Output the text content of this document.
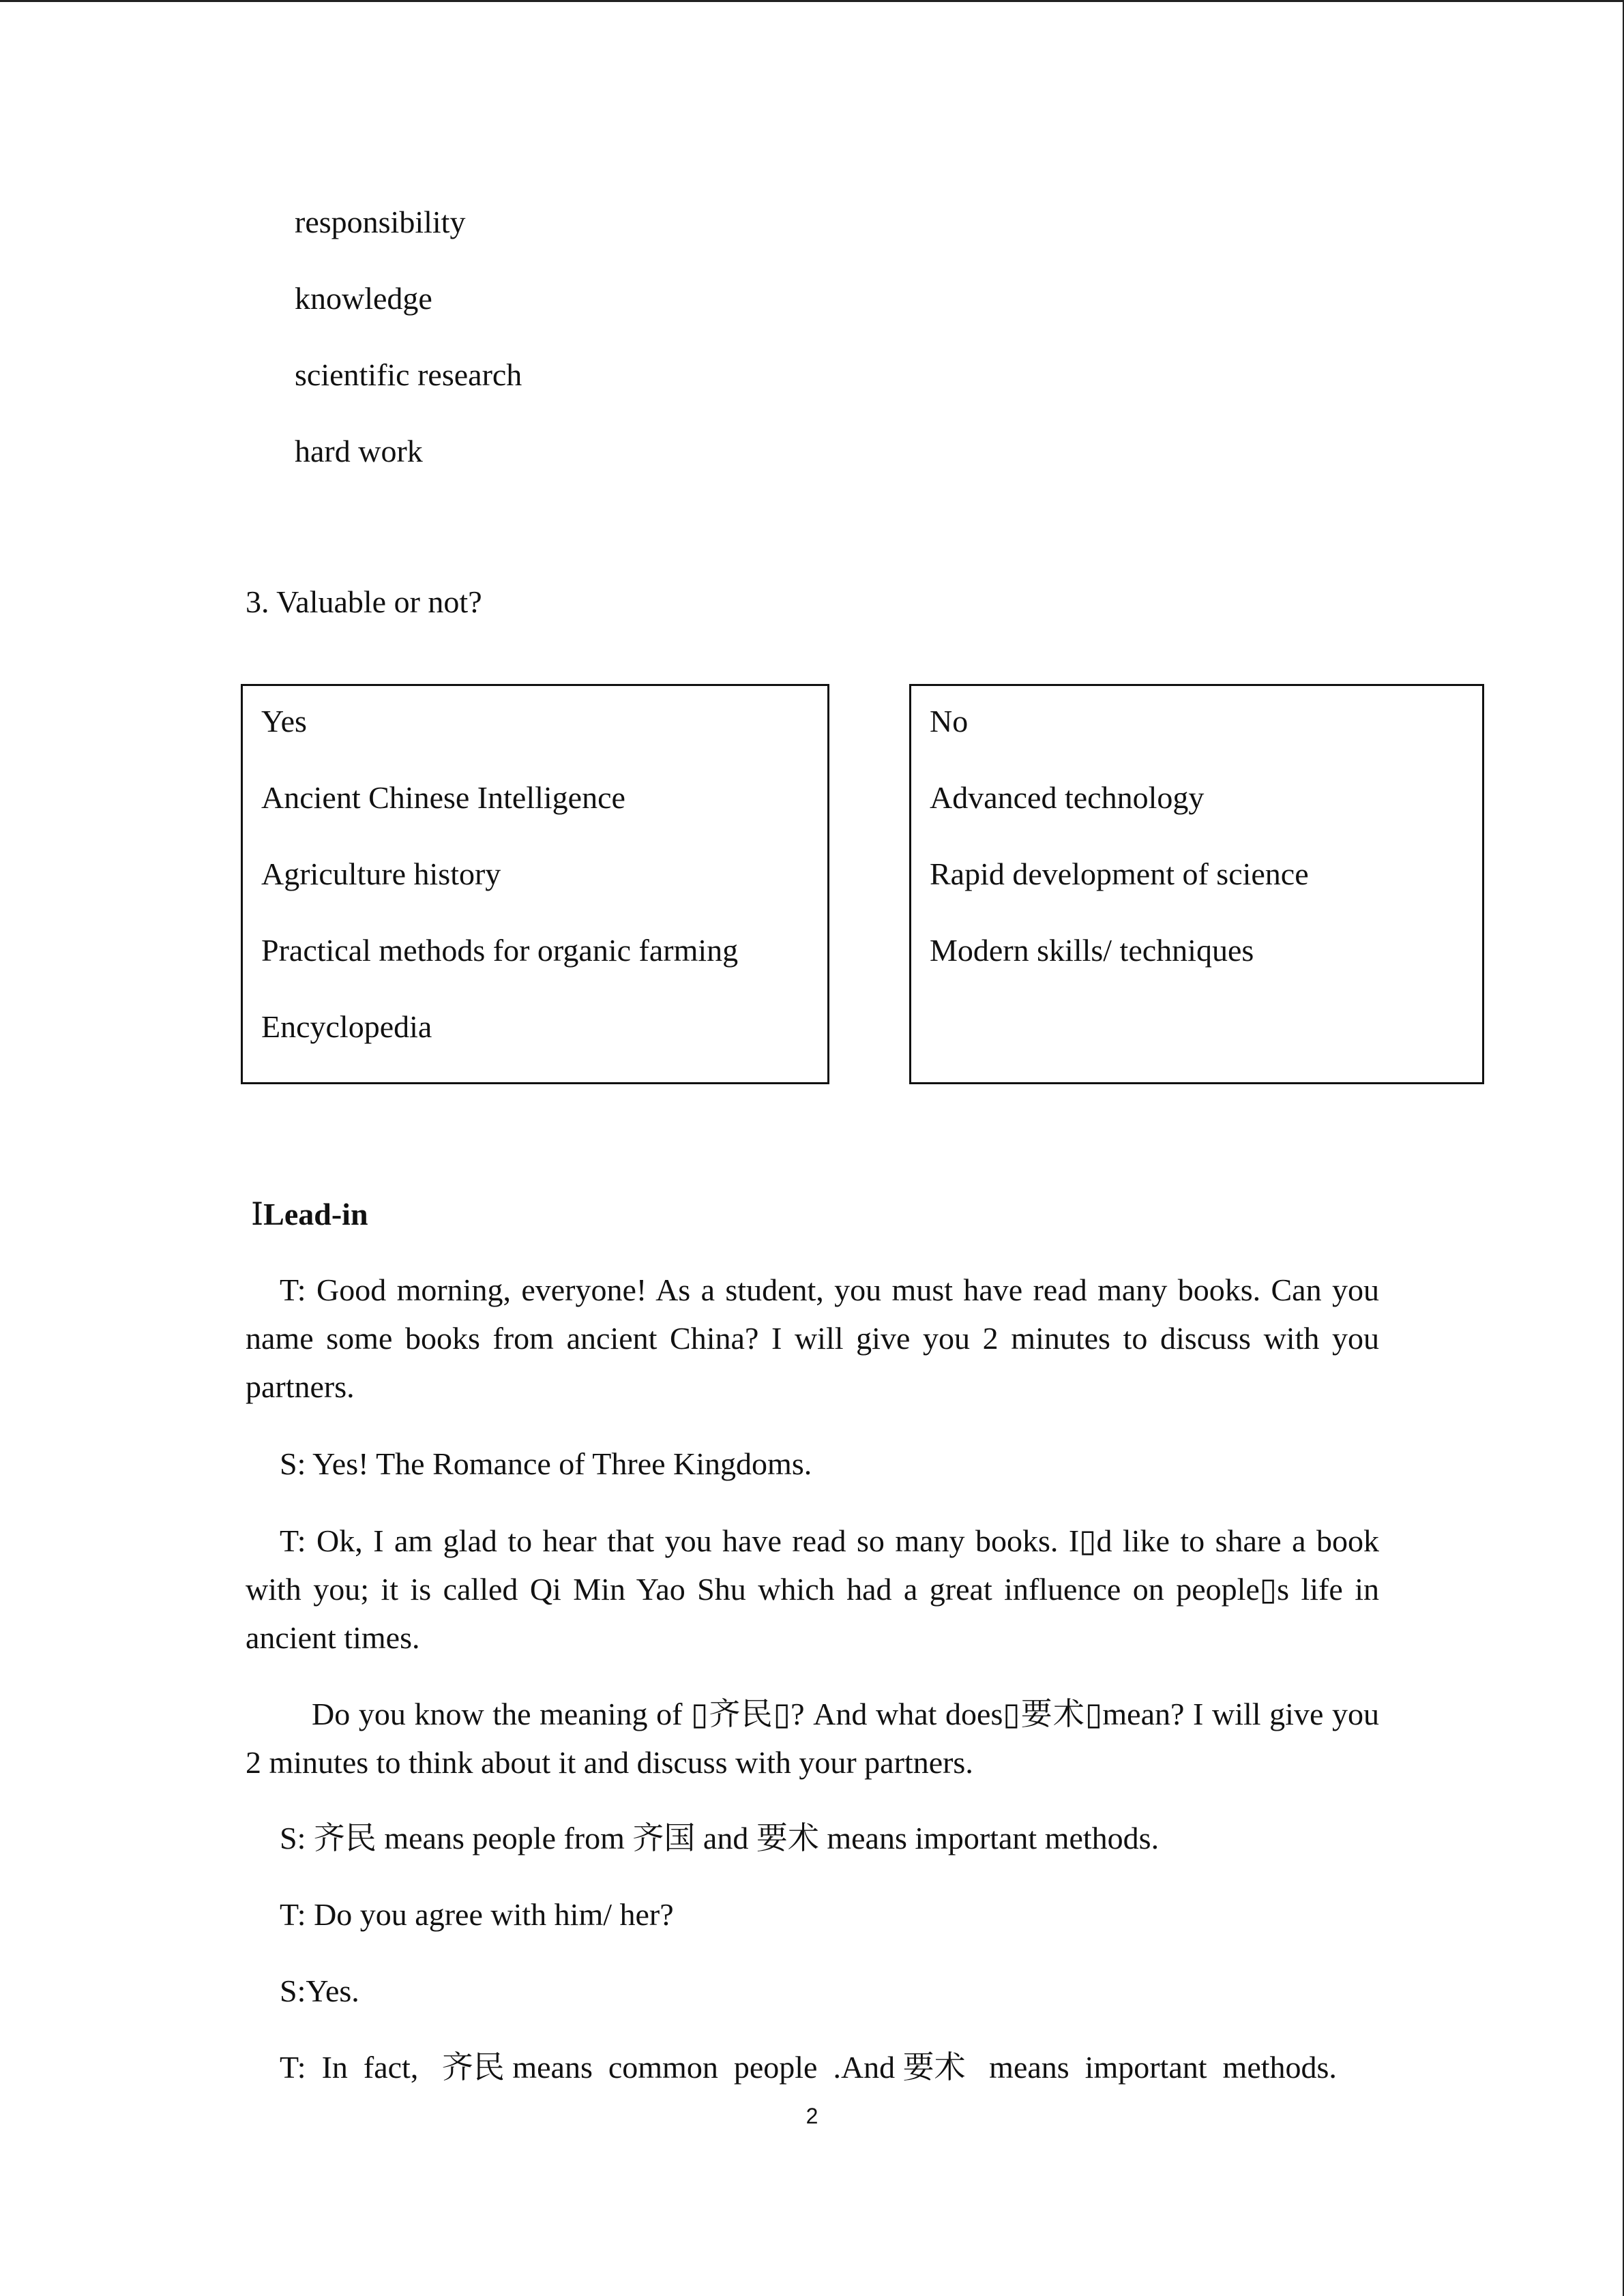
responsibility
knowledge
scientific research
hard work
3. Valuable or not?
Yes
Ancient Chinese Intelligence
Agriculture history
Practical methods for organic farming
Encyclopedia
No
Advanced technology
Rapid development of science
Modern skills/ techniques
ⅠLead-in
T: Good morning, everyone! As a student, you must have read many books. Can you name some books from ancient China? I will give you 2 minutes to discuss with you partners.
S: Yes! The Romance of Three Kingdoms.
T: Ok, I am glad to hear that you have read so many books. I▯d like to share a book with you; it is called Qi Min Yao Shu which had a great influence on people▯s life in ancient times.
Do you know the meaning of ▯齐民▯? And what does▯要术▯mean? I will give you 2 minutes to think about it and discuss with your partners.
S: 齐民 means people from 齐国 and 要术 means important methods.
T: Do you agree with him/ her?
S:Yes.
T:  In  fact,   齐民 means  common  people  .And 要术   means  important  methods.
2
